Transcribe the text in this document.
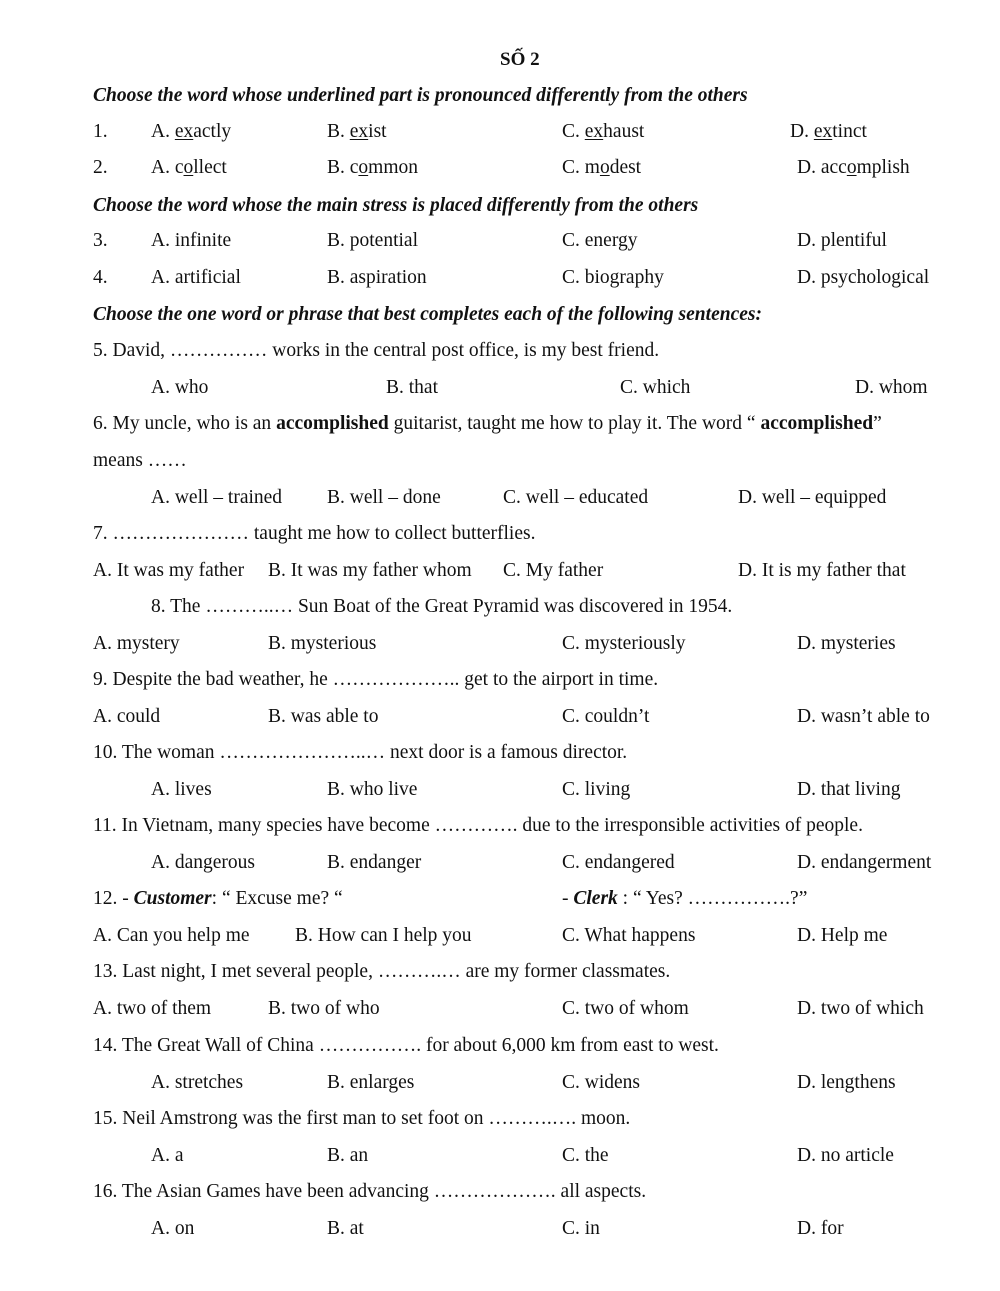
SỐ 2
Choose the word whose underlined part is pronounced differently from the others
1. A. exactly	B. exist	C. exhaust	D. extinct
2. A. collect	B. common	C. modest	D. accomplish
Choose the word whose the main stress is placed differently from the others
3. A. infinite	B. potential	C. energy	D. plentiful
4. A. artificial	B. aspiration	C. biography	D. psychological
Choose the one word or phrase that best completes each of the following sentences:
5. David, …………… works in the central post office, is my best friend.
A. who	B. that	C. which	D. whom
6. My uncle, who is an accomplished guitarist, taught me how to play it. The word “ accomplished”
means ……
A. well – trained B. well – done	C. well – educated	D. well – equipped
7. ………………… taught me how to collect butterflies.
A. It was my father B. It was my father whom C. My father	D. It is my father that
8. The ………..… Sun Boat of the Great Pyramid was discovered in 1954.
A. mystery	B. mysterious	C. mysteriously	D. mysteries
9. Despite the bad weather, he ……………….. get to the airport in time.
A. could	B. was able to	C. couldn’t	D. wasn’t able to
10. The woman …………………..… next door is a famous director.
A. lives	B. who live	C. living	D. that living
11. In Vietnam, many species have become …………. due to the irresponsible activities of people.
A. dangerous	B. endanger	C. endangered	D. endangerment
12. - Customer: “ Excuse me? “	- Clerk : “ Yes? …………….?”
A. Can you help me B. How can I help you	C. What happens	D. Help me
13. Last night, I met several people, ……….… are my former classmates.
A. two of them	B. two of who	C. two of whom	D. two of which
14. The Great Wall of China ……………. for about 6,000 km from east to west.
A. stretches	B. enlarges	C. widens	D. lengthens
15. Neil Amstrong was the first man to set foot on ……….…. moon.
A. a	B. an	C. the	D. no article
16. The Asian Games have been advancing ………………. all aspects.
A. on	B. at	C. in	D. for
